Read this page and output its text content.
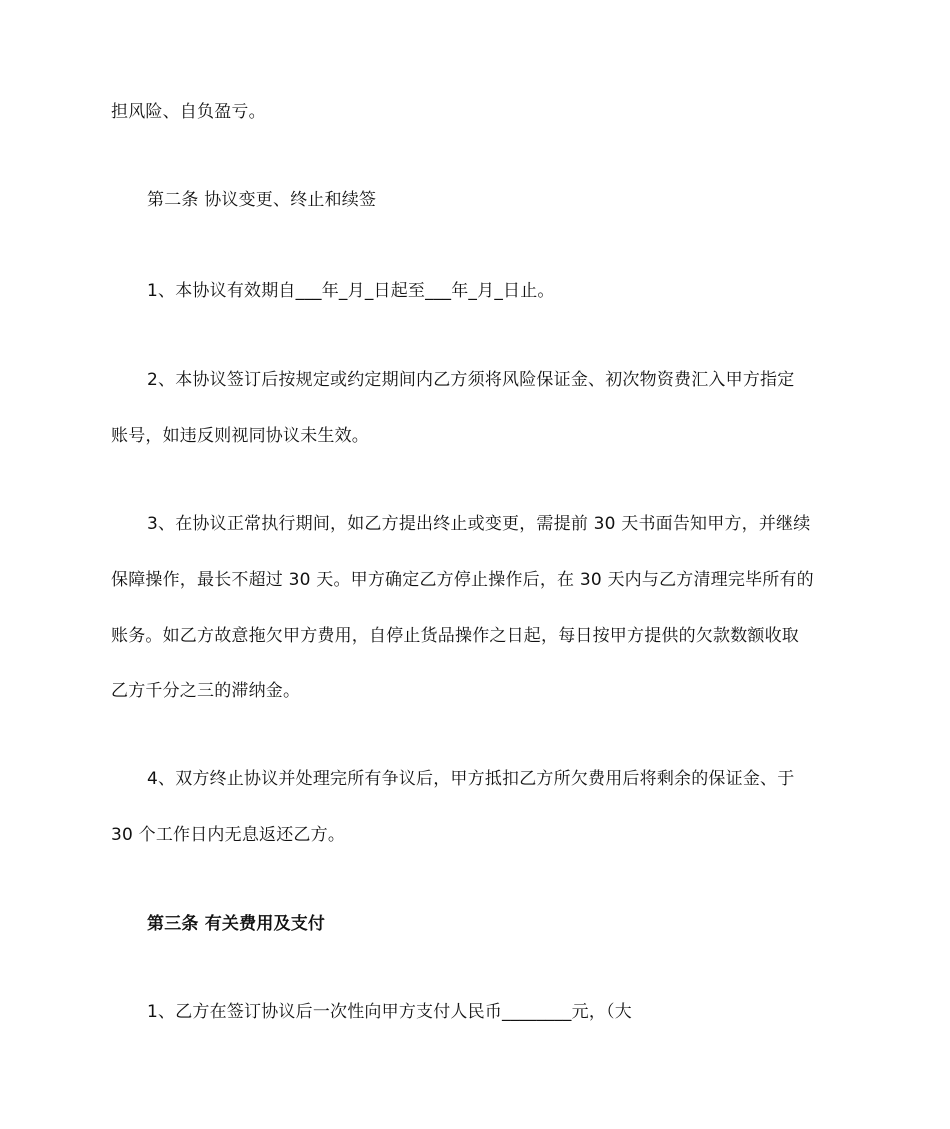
担风险、自负盈亏。
第二条 协议变更、终止和续签
1、本协议有效期自___年_月_日起至___年_月_日止。
2、本协议签订后按规定或约定期间内乙方须将风险保证金、初次物资费汇入甲方指定
账号，如违反则视同协议未生效。
3、在协议正常执行期间，如乙方提出终止或变更，需提前 30 天书面告知甲方，并继续
保障操作，最长不超过 30 天。甲方确定乙方停止操作后，在 30 天内与乙方清理完毕所有的
账务。如乙方故意拖欠甲方费用，自停止货品操作之日起，每日按甲方提供的欠款数额收取
乙方千分之三的滞纳金。
4、双方终止协议并处理完所有争议后，甲方抵扣乙方所欠费用后将剩余的保证金、于
30 个工作日内无息返还乙方。
第三条 有关费用及支付
1、乙方在签订协议后一次性向甲方支付人民币________元，（大
